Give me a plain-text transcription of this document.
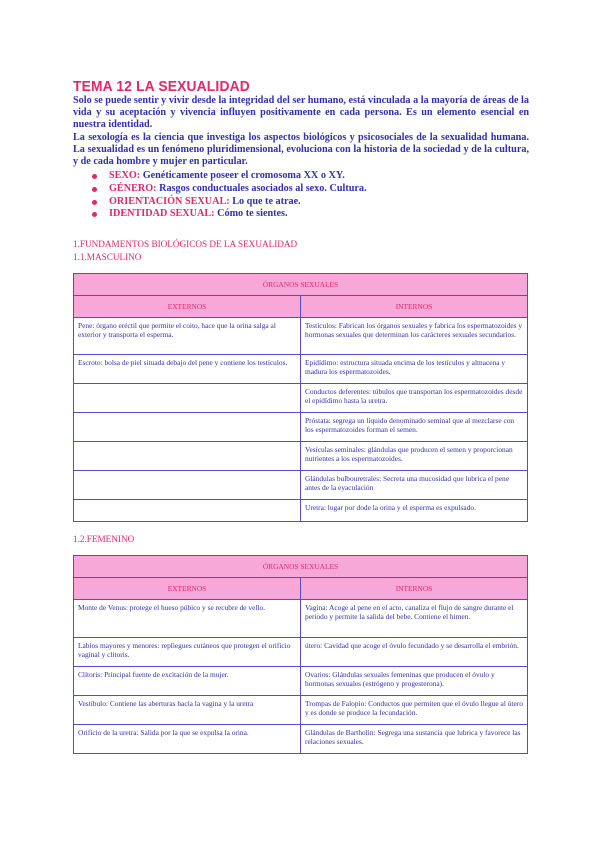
TEMA 12 LA SEXUALIDAD

Solo se puede sentir y vivir desde la integridad del ser humano, está vinculada a la mayoría de áreas de la vida y su aceptación y vivencia influyen positivamente en cada persona. Es un elemento esencial en nuestra identidad.

La sexología es la ciencia que investiga los aspectos biológicos y psicosociales de la sexualidad humana. La sexualidad es un fenómeno pluridimensional, evoluciona con la historia de la sociedad y de la cultura, y de cada hombre y mujer en particular.

SEXO: Genéticamente poseer el cromosoma XX o XY.
GÉNERO: Rasgos conductuales asociados al sexo. Cultura.
ORIENTACIÓN SEXUAL: Lo que te atrae.
IDENTIDAD SEXUAL: Cómo te sientes.
1.FUNDAMENTOS BIOLÓGICOS DE LA SEXUALIDAD
1.1.MASCULINO
ÓRGANOS SEXUALES	
EXTERNOS	INTERNOS
Pene: órgano eréctil que permite el coito, hace que la orina salga al exterior y transporta el esperma.	Testículos: Fabrican los órganos sexuales y fabrica los espermatozoides y hormonas sexuales que determinan los carácteres sexuales secundarios.
Escroto: bolsa de piel situada debajo del pene y contiene los testículos.	Epidídimo: estructura situada encima de los testículos y almacena y madura los espermatozoides.
	Conductos deferentes: túbulos que transportan los espermatozoides desde el epidídimo hasta la uretra.
	Próstata: segrega un líquido denominado seminal que al mezclarse con los espermatozoides forman el semen.
	Vesículas seminales: glándulas que producen el semen y proporcionan nutrientes a los espermatozoides.
	Glándulas bulbouretrales: Secreta una mucosidad que lubrica el pene antes de la eyaculación
	Uretra: lugar por dode la orina y el esperma es expulsado.
1.2.FEMENINO
ÓRGANOS SEXUALES	
EXTERNOS	INTERNOS
Monte de Venus: protege el hueso púbico y se recubre de vello.	Vagina: Acoge al pene en el acto, canaliza el flujo de sangre durante el periodo y permite la salida del bebe. Contiene el himen.
Labios mayores y menores: repliegues cutáneos que protegen el orificio vaginal y clítoris.	útero: Cavidad que acoge el óvulo fecundado y se desarrolla el embrión.
Clítoris: Principal fuente de excitación de la mujer.	Ovarios: Glándulas sexuales femeninas que producen el óvulo y hormonas sexuales (estrógeno y progesterona).
Vestíbulo: Contiene las aberturas hacia la vagina y la uretra	Trompas de Falopio: Conductos que permiten que el óvulo llegue al útero y es donde se produce la fecundación.
Orificio de la uretra: Salida por la que se expulsa la orina.	Glándulas de Bartholin: Segrega una sustancia que lubrica y favorece las relaciones sexuales.
